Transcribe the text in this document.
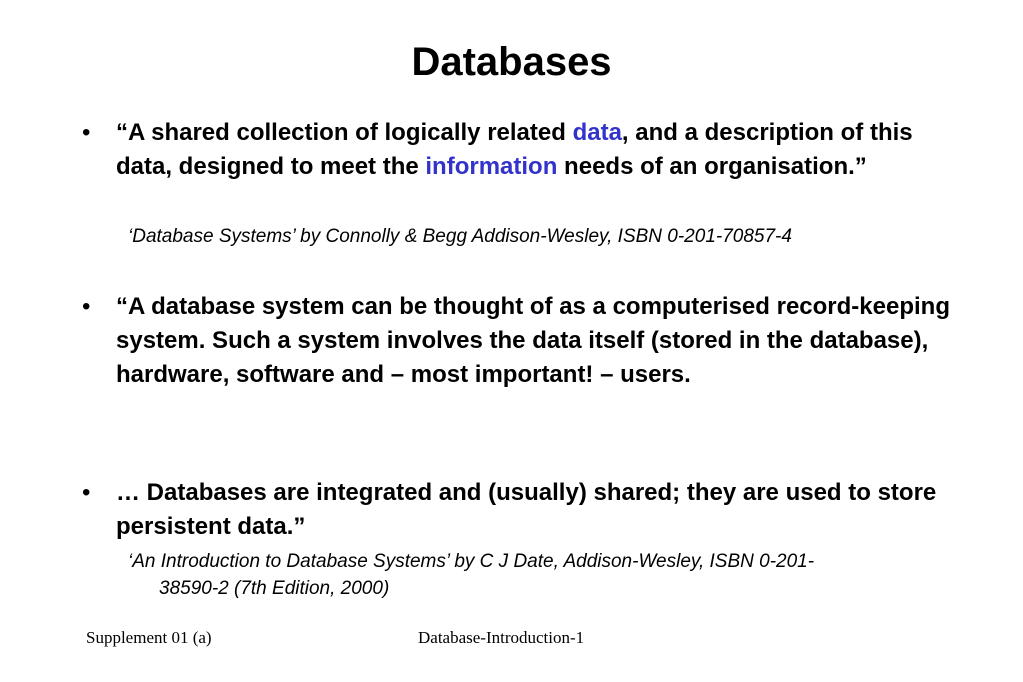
Databases
• “A shared collection of logically related data, and a description of this data, designed to meet the information needs of an organisation.”
‘Database Systems’ by Connolly & Begg Addison-Wesley, ISBN 0-201-70857-4
• “A database system can be thought of as a computerised record-keeping system. Such a system involves the data itself (stored in the database), hardware, software and – most important! – users.
• … Databases are integrated and (usually) shared; they are used to store persistent data.”
‘An Introduction to Database Systems’ by C J Date, Addison-Wesley, ISBN 0-201-
38590-2 (7th Edition, 2000)
Supplement 01 (a)	Database-Introduction-1
